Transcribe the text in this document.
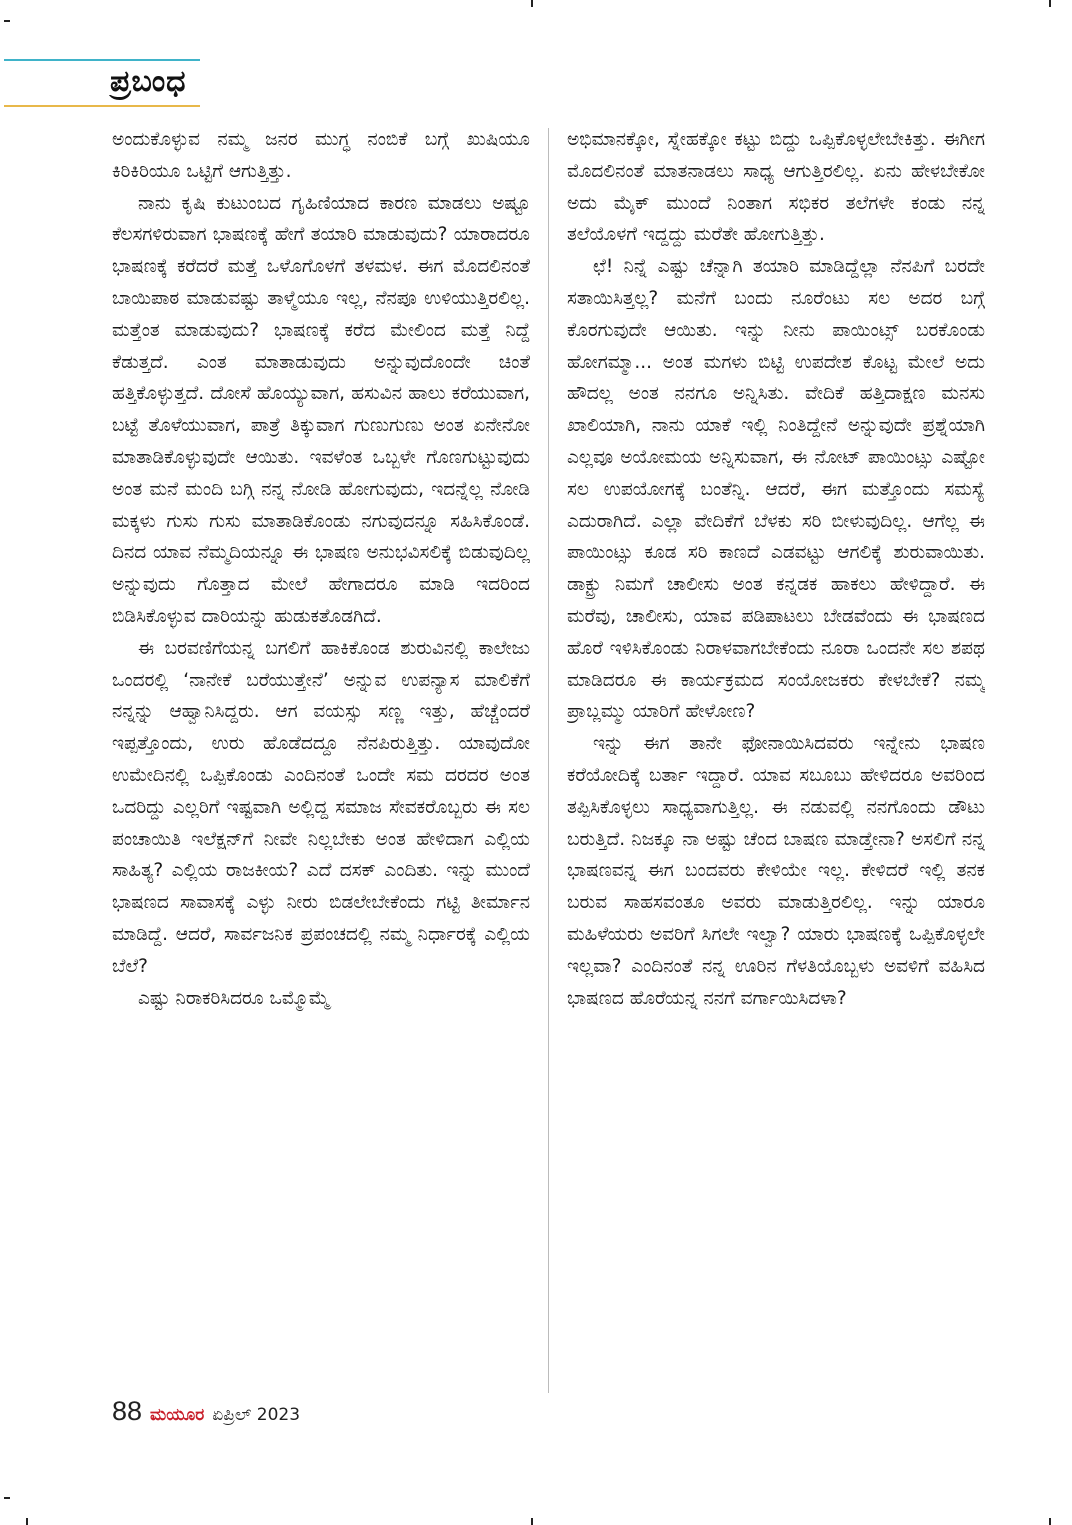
ಪ್ರಬಂಧ

ಅಂದುಕೊಳ್ಳುವ ನಮ್ಮ ಜನರ ಮುಗ್ಧ ನಂಬಿಕೆ ಬಗ್ಗೆ ಖುಷಿಯೂ ಕಿರಿಕಿರಿಯೂ ಒಟ್ಟಿಗೆ ಆಗುತ್ತಿತ್ತು.

ನಾನು ಕೃಷಿ ಕುಟುಂಬದ ಗೃಹಿಣಿಯಾದ ಕಾರಣ ಮಾಡಲು ಅಷ್ಟೂ ಕೆಲಸಗಳಿರುವಾಗ ಭಾಷಣಕ್ಕೆ ಹೇಗೆ ತಯಾರಿ ಮಾಡುವುದು? ಯಾರಾದರೂ ಭಾಷಣಕ್ಕೆ ಕರೆದರೆ ಮತ್ತೆ ಒಳೊಗೊಳಗೆ ತಳಮಳ. ಈಗ ಮೊದಲಿನಂತೆ ಬಾಯಿಪಾಠ ಮಾಡುವಷ್ಟು ತಾಳ್ಮೆಯೂ ಇಲ್ಲ, ನೆನಪೂ ಉಳಿಯುತ್ತಿರಲಿಲ್ಲ. ಮತ್ತೆಂತ ಮಾಡುವುದು? ಭಾಷಣಕ್ಕೆ ಕರೆದ ಮೇಲಿಂದ ಮತ್ತೆ ನಿದ್ದೆ ಕೆಡುತ್ತದೆ. ಎಂತ ಮಾತಾಡುವುದು ಅನ್ನುವುದೊಂದೇ ಚಿಂತೆ ಹತ್ತಿಕೊಳ್ಳುತ್ತದೆ. ದೋಸೆ ಹೊಯ್ಯುವಾಗ, ಹಸುವಿನ ಹಾಲು ಕರೆಯುವಾಗ, ಬಟ್ಟೆ ತೊಳೆಯುವಾಗ, ಪಾತ್ರೆ ತಿಕ್ಕುವಾಗ ಗುಣುಗುಣು ಅಂತ ಏನೇನೋ ಮಾತಾಡಿಕೊಳ್ಳುವುದೇ ಆಯಿತು. ಇವಳೆಂತ ಒಬ್ಬಳೇ ಗೊಣಗುಟ್ಟುವುದು ಅಂತ ಮನೆ ಮಂದಿ ಬಗ್ಗಿ ನನ್ನ ನೋಡಿ ಹೋಗುವುದು, ಇದನ್ನೆಲ್ಲ ನೋಡಿ ಮಕ್ಕಳು ಗುಸು ಗುಸು ಮಾತಾಡಿಕೊಂಡು ನಗುವುದನ್ನೂ ಸಹಿಸಿಕೊಂಡೆ. ದಿನದ ಯಾವ ನೆಮ್ಮದಿಯನ್ನೂ ಈ ಭಾಷಣ ಅನುಭವಿಸಲಿಕ್ಕೆ ಬಿಡುವುದಿಲ್ಲ ಅನ್ನುವುದು ಗೊತ್ತಾದ ಮೇಲೆ ಹೇಗಾದರೂ ಮಾಡಿ ಇದರಿಂದ ಬಿಡಿಸಿಕೊಳ್ಳುವ ದಾರಿಯನ್ನು ಹುಡುಕತೊಡಗಿದೆ.

ಈ ಬರವಣಿಗೆಯನ್ನ ಬಗಲಿಗೆ ಹಾಕಿಕೊಂಡ ಶುರುವಿನಲ್ಲಿ ಕಾಲೇಜು ಒಂದರಲ್ಲಿ ‘ನಾನೇಕೆ ಬರೆಯುತ್ತೇನೆ’ ಅನ್ನುವ ಉಪನ್ಯಾಸ ಮಾಲಿಕೆಗೆ ನನ್ನನ್ನು ಆಹ್ವಾನಿಸಿದ್ದರು. ಆಗ ವಯಸ್ಸು ಸಣ್ಣ ಇತ್ತು, ಹೆಚ್ಚೆಂದರೆ ಇಪ್ಪತ್ತೊಂದು, ಉರು ಹೊಡೆದದ್ದೂ ನೆನಪಿರುತ್ತಿತ್ತು. ಯಾವುದೋ ಉಮೇದಿನಲ್ಲಿ ಒಪ್ಪಿಕೊಂಡು ಎಂದಿನಂತೆ ಒಂದೇ ಸಮ ದರದರ ಅಂತ ಒದರಿದ್ದು ಎಲ್ಲರಿಗೆ ಇಷ್ಟವಾಗಿ ಅಲ್ಲಿದ್ದ ಸಮಾಜ ಸೇವಕರೊಬ್ಬರು ಈ ಸಲ ಪಂಚಾಯಿತಿ ಇಲೆಕ್ಷನ್‌ಗೆ ನೀವೇ ನಿಲ್ಲಬೇಕು ಅಂತ ಹೇಳಿದಾಗ ಎಲ್ಲಿಯ ಸಾಹಿತ್ಯ? ಎಲ್ಲಿಯ ರಾಜಕೀಯ? ಎದೆ ದಸಕ್ ಎಂದಿತು. ಇನ್ನು ಮುಂದೆ ಭಾಷಣದ ಸಾವಾಸಕ್ಕೆ ಎಳ್ಳು ನೀರು ಬಿಡಲೇಬೇಕೆಂದು ಗಟ್ಟಿ ತೀರ್ಮಾನ ಮಾಡಿದ್ದೆ. ಆದರೆ, ಸಾರ್ವಜನಿಕ ಪ್ರಪಂಚದಲ್ಲಿ ನಮ್ಮ ನಿರ್ಧಾರಕ್ಕೆ ಎಲ್ಲಿಯ ಬೆಲೆ?

ಎಷ್ಟು ನಿರಾಕರಿಸಿದರೂ ಒಮ್ಮೊಮ್ಮೆ

ಅಭಿಮಾನಕ್ಕೋ, ಸ್ನೇಹಕ್ಕೋ ಕಟ್ಟು ಬಿದ್ದು ಒಪ್ಪಿಕೊಳ್ಳಲೇಬೇಕಿತ್ತು. ಈಗೀಗ ಮೊದಲಿನಂತೆ ಮಾತನಾಡಲು ಸಾಧ್ಯ ಆಗುತ್ತಿರಲಿಲ್ಲ. ಏನು ಹೇಳಬೇಕೋ ಅದು ಮೈಕ್ ಮುಂದೆ ನಿಂತಾಗ ಸಭಿಕರ ತಲೆಗಳೇ ಕಂಡು ನನ್ನ ತಲೆಯೊಳಗೆ ಇದ್ದದ್ದು ಮರೆತೇ ಹೋಗುತ್ತಿತ್ತು.

ಛೆ! ನಿನ್ನೆ ಎಷ್ಟು ಚೆನ್ನಾಗಿ ತಯಾರಿ ಮಾಡಿದ್ದೆಲ್ಲಾ ನೆನಪಿಗೆ ಬರದೇ ಸತಾಯಿಸಿತ್ತಲ್ಲ? ಮನೆಗೆ ಬಂದು ನೂರೆಂಟು ಸಲ ಅದರ ಬಗ್ಗೆ ಕೊರಗುವುದೇ ಆಯಿತು. ಇನ್ನು ನೀನು ಪಾಯಿಂಟ್ಸ್ ಬರಕೊಂಡು ಹೋಗಮ್ಮಾ... ಅಂತ ಮಗಳು ಬಿಟ್ಟಿ ಉಪದೇಶ ಕೊಟ್ಟ ಮೇಲೆ ಅದು ಹೌದಲ್ಲ ಅಂತ ನನಗೂ ಅನ್ನಿಸಿತು. ವೇದಿಕೆ ಹತ್ತಿದಾಕ್ಷಣ ಮನಸು ಖಾಲಿಯಾಗಿ, ನಾನು ಯಾಕೆ ಇಲ್ಲಿ ನಿಂತಿದ್ದೇನೆ ಅನ್ನುವುದೇ ಪ್ರಶ್ನೆಯಾಗಿ ಎಲ್ಲವೂ ಅಯೋಮಯ ಅನ್ನಿಸುವಾಗ, ಈ ನೋಟ್ ಪಾಯಿಂಟ್ಸು ಎಷ್ಟೋ ಸಲ ಉಪಯೋಗಕ್ಕೆ ಬಂತೆನ್ನಿ. ಆದರೆ, ಈಗ ಮತ್ತೊಂದು ಸಮಸ್ಯೆ ಎದುರಾಗಿದೆ. ಎಲ್ಲಾ ವೇದಿಕೆಗೆ ಬೆಳಕು ಸರಿ ಬೀಳುವುದಿಲ್ಲ. ಆಗೆಲ್ಲ ಈ ಪಾಯಿಂಟ್ಸು ಕೂಡ ಸರಿ ಕಾಣದೆ ಎಡವಟ್ಟು ಆಗಲಿಕ್ಕೆ ಶುರುವಾಯಿತು. ಡಾಕ್ಟ್ರು ನಿಮಗೆ ಚಾಲೀಸು ಅಂತ ಕನ್ನಡಕ ಹಾಕಲು ಹೇಳಿದ್ದಾರೆ. ಈ ಮರೆವು, ಚಾಲೀಸು, ಯಾವ ಪಡಿಪಾಟಲು ಬೇಡವೆಂದು ಈ ಭಾಷಣದ ಹೊರೆ ಇಳಿಸಿಕೊಂಡು ನಿರಾಳವಾಗಬೇಕೆಂದು ನೂರಾ ಒಂದನೇ ಸಲ ಶಪಥ ಮಾಡಿದರೂ ಈ ಕಾರ್ಯಕ್ರಮದ ಸಂಯೋಜಕರು ಕೇಳಬೇಕೆ? ನಮ್ಮ ಪ್ರಾಬ್ಲಮ್ಮು ಯಾರಿಗೆ ಹೇಳೋಣ?

ಇನ್ನು ಈಗ ತಾನೇ ಫೋನಾಯಿಸಿದವರು ಇನ್ನೇನು ಭಾಷಣ ಕರೆಯೋದಿಕ್ಕೆ ಬರ್ತಾ ಇದ್ದಾರೆ. ಯಾವ ಸಬೂಬು ಹೇಳಿದರೂ ಅವರಿಂದ ತಪ್ಪಿಸಿಕೊಳ್ಳಲು ಸಾಧ್ಯವಾಗುತ್ತಿಲ್ಲ. ಈ ನಡುವಲ್ಲಿ ನನಗೊಂದು ಡೌಟು ಬರುತ್ತಿದೆ. ನಿಜಕ್ಕೂ ನಾ ಅಷ್ಟು ಚೆಂದ ಬಾಷಣ ಮಾಡ್ತೇನಾ? ಅಸಲಿಗೆ ನನ್ನ ಭಾಷಣವನ್ನ ಈಗ ಬಂದವರು ಕೇಳಿಯೇ ಇಲ್ಲ. ಕೇಳಿದರೆ ಇಲ್ಲಿ ತನಕ ಬರುವ ಸಾಹಸವಂತೂ ಅವರು ಮಾಡುತ್ತಿರಲಿಲ್ಲ. ಇನ್ನು ಯಾರೂ ಮಹಿಳೆಯರು ಅವರಿಗೆ ಸಿಗಲೇ ಇಲ್ವಾ? ಯಾರು ಭಾಷಣಕ್ಕೆ ಒಪ್ಪಿಕೊಳ್ಳಲೇ ಇಲ್ಲವಾ? ಎಂದಿನಂತೆ ನನ್ನ ಊರಿನ ಗೆಳತಿಯೊಬ್ಬಳು ಅವಳಿಗೆ ವಹಿಸಿದ ಭಾಷಣದ ಹೊರೆಯನ್ನ ನನಗೆ ವರ್ಗಾಯಿಸಿದಳಾ?

88 ಮಯೂರ ಏಪ್ರಿಲ್ 2023
